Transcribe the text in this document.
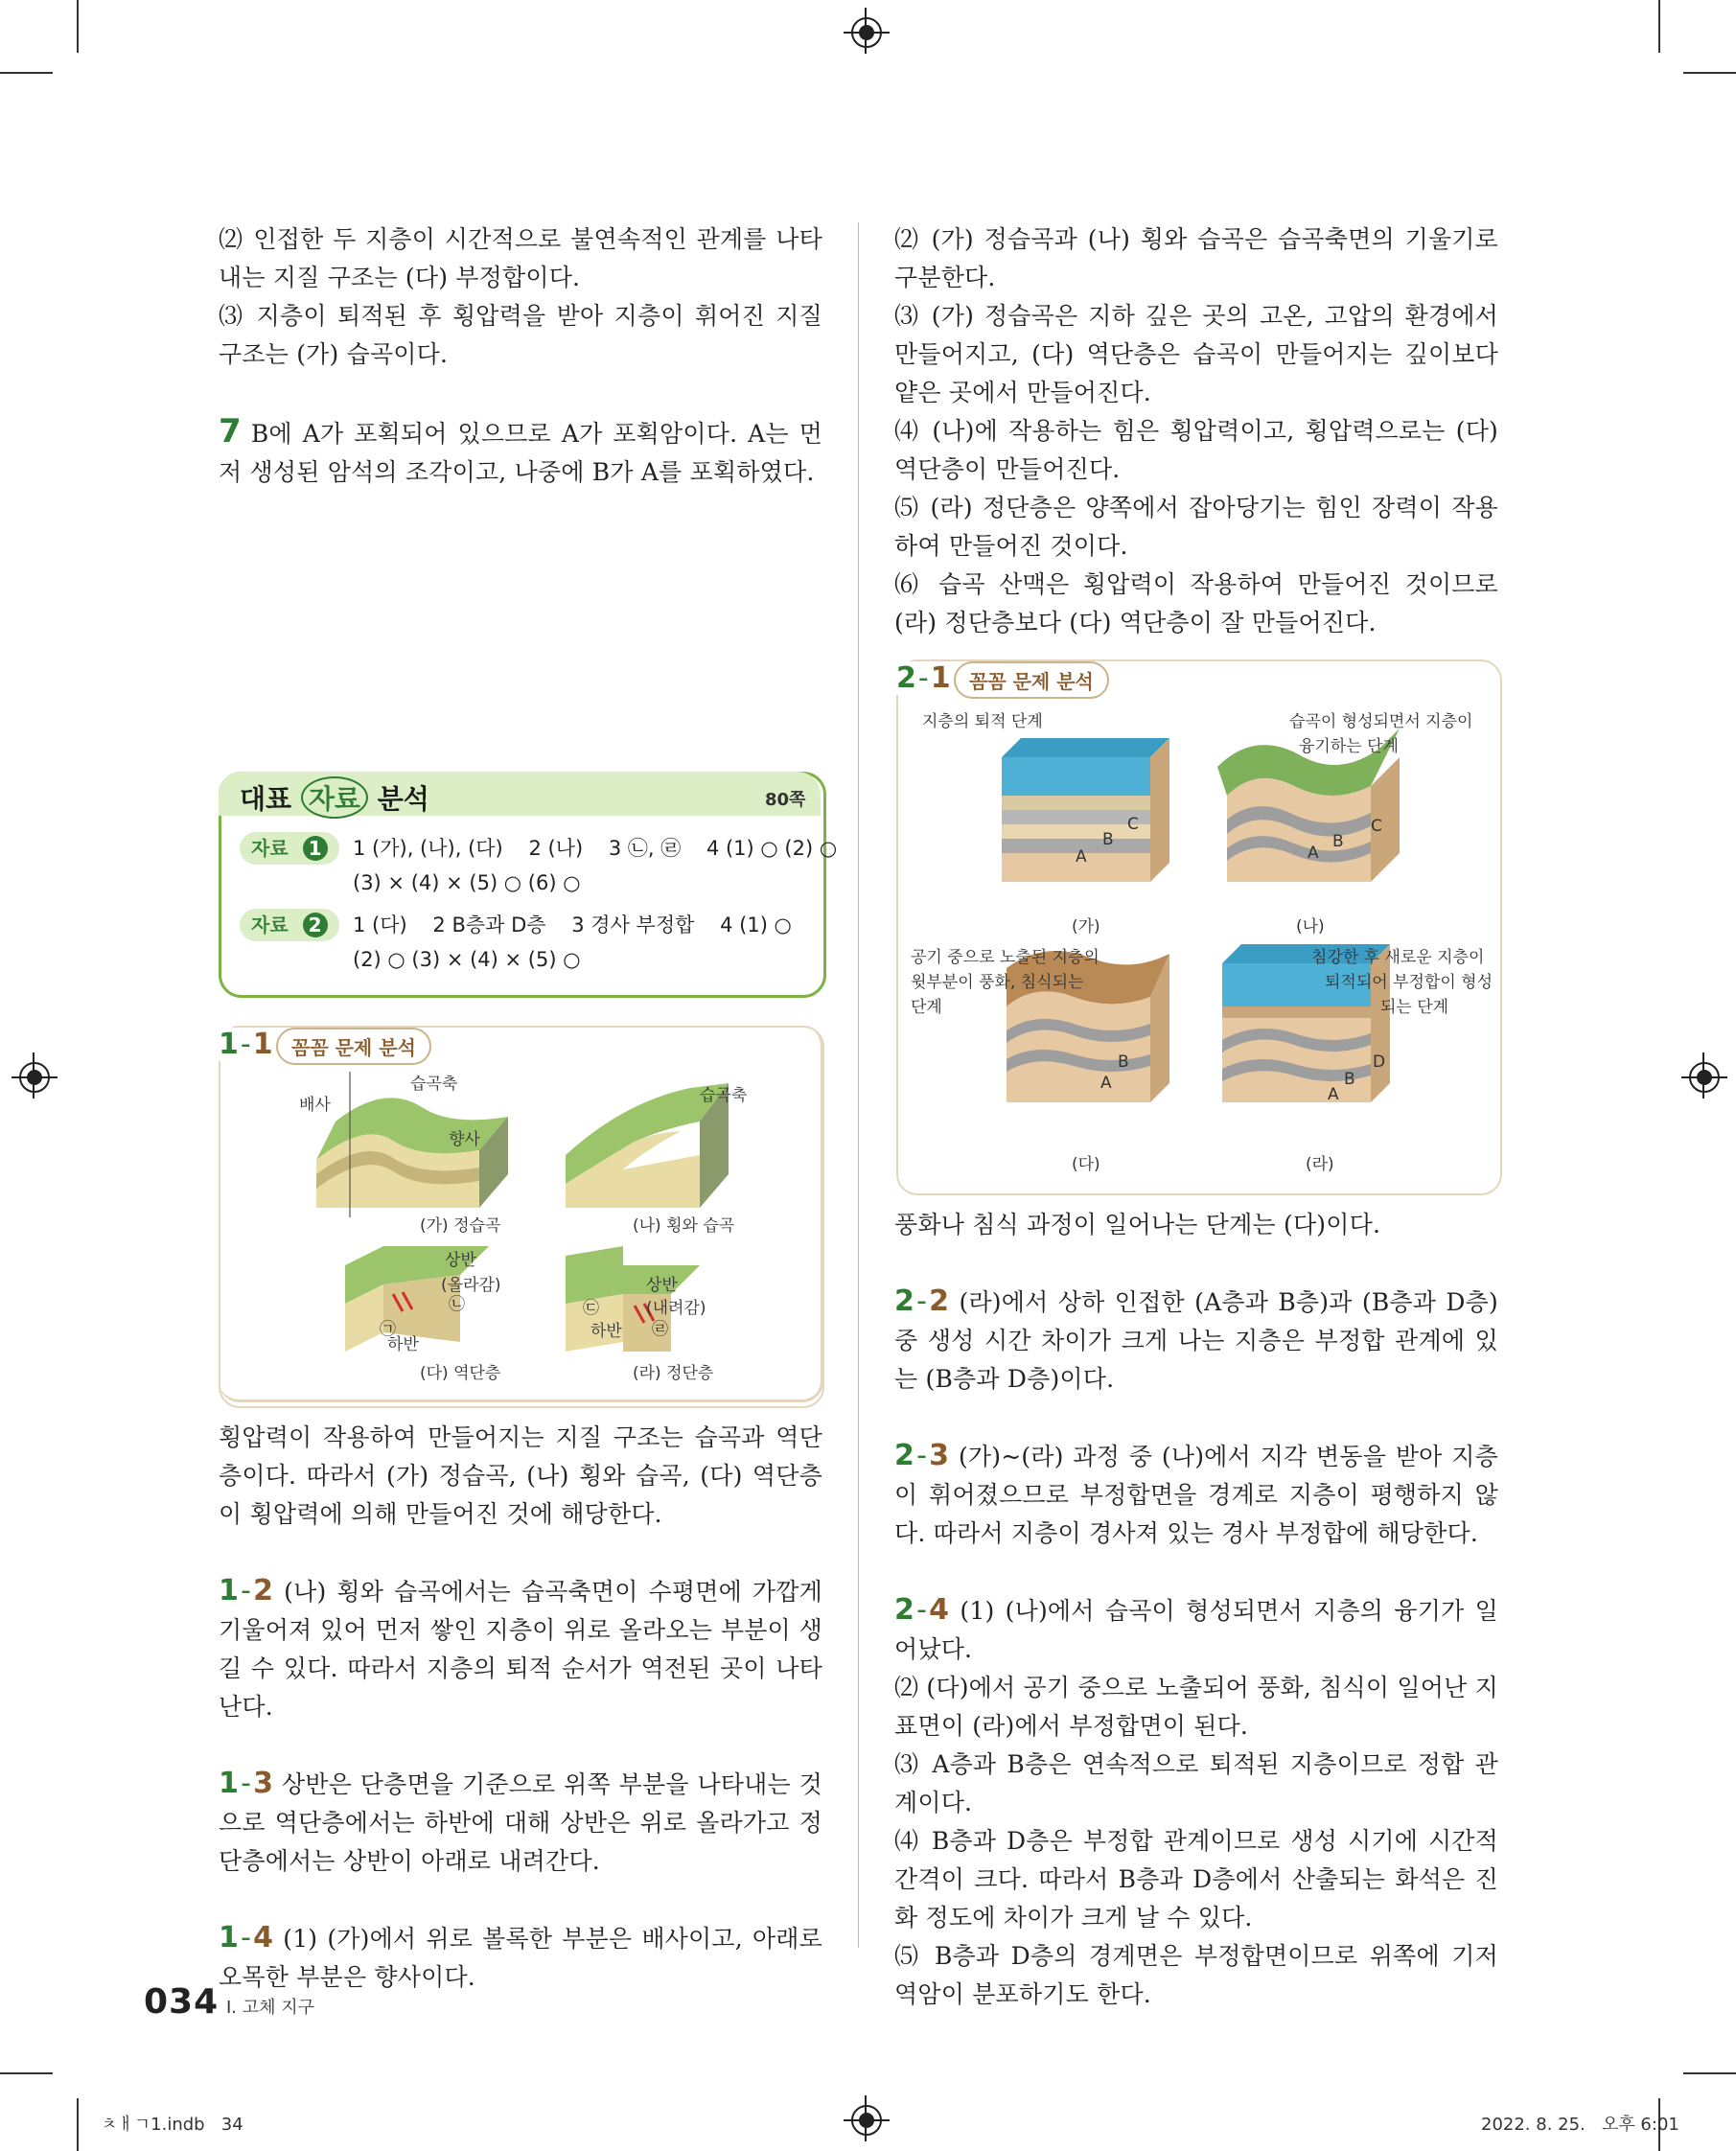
⑵ 인접한 두 지층이 시간적으로 불연속적인 관계를 나타내는 지질 구조는 (다) 부정합이다.

⑶ 지층이 퇴적된 후 횡압력을 받아 지층이 휘어진 지질 구조는 (가) 습곡이다.

7 B에 A가 포획되어 있으므로 A가 포획암이다. A는 먼저 생성된 암석의 조각이고, 나중에 B가 A를 포획하였다.

대표 자료 분석	80쪽
자료 1	1 (가), (나), (다)    2 (나)    3 ㉡, ㉣    4 (1) ○ (2) ○
(3) × (4) × (5) ○ (6) ○
자료 2	1 (다)    2 B층과 D층    3 경사 부정합    4 (1) ○
(2) ○ (3) × (4) × (5) ○
1-1 꼼꼼 문제 분석
배사
습곡축
습곡축
향사
(가) 정습곡	(나) 횡와 습곡
상반
(올라감)
㉡
㉠
하반
상반
(내려감)
㉢
㉣
하반
(다) 역단층	(라) 정단층

횡압력이 작용하여 만들어지는 지질 구조는 습곡과 역단층이다. 따라서 (가) 정습곡, (나) 횡와 습곡, (다) 역단층이 횡압력에 의해 만들어진 것에 해당한다.

1-2 (나) 횡와 습곡에서는 습곡축면이 수평면에 가깝게 기울어져 있어 먼저 쌓인 지층이 위로 올라오는 부분이 생길 수 있다. 따라서 지층의 퇴적 순서가 역전된 곳이 나타난다.

1-3 상반은 단층면을 기준으로 위쪽 부분을 나타내는 것으로 역단층에서는 하반에 대해 상반은 위로 올라가고 정단층에서는 상반이 아래로 내려간다.

1-4 (1) (가)에서 위로 볼록한 부분은 배사이고, 아래로 오목한 부분은 향사이다.

⑵ (가) 정습곡과 (나) 횡와 습곡은 습곡축면의 기울기로 구분한다.

⑶ (가) 정습곡은 지하 깊은 곳의 고온, 고압의 환경에서 만들어지고, (다) 역단층은 습곡이 만들어지는 깊이보다 얕은 곳에서 만들어진다.

⑷ (나)에 작용하는 힘은 횡압력이고, 횡압력으로는 (다) 역단층이 만들어진다.

⑸ (라) 정단층은 양쪽에서 잡아당기는 힘인 장력이 작용하여 만들어진 것이다.

⑹ 습곡 산맥은 횡압력이 작용하여 만들어진 것이므로 (라) 정단층보다 (다) 역단층이 잘 만들어진다.

2-1 꼼꼼 문제 분석
지층의 퇴적 단계	습곡이 형성되면서 지층이
융기하는 단계
A
B
C
A
B
C
(가)	(나)
공기 중으로 노출된 지층의
윗부분이 풍화, 침식되는
단계
침강한 후 새로운 지층이
퇴적되어 부정합이 형성
되는 단계
A
B
A
B
D
(다)	(라)

풍화나 침식 과정이 일어나는 단계는 (다)이다.

2-2 (라)에서 상하 인접한 (A층과 B층)과 (B층과 D층) 중 생성 시간 차이가 크게 나는 지층은 부정합 관계에 있는 (B층과 D층)이다.

2-3 (가)~(라) 과정 중 (나)에서 지각 변동을 받아 지층이 휘어졌으므로 부정합면을 경계로 지층이 평행하지 않다. 따라서 지층이 경사져 있는 경사 부정합에 해당한다.

2-4 (1) (나)에서 습곡이 형성되면서 지층의 융기가 일어났다.

⑵ (다)에서 공기 중으로 노출되어 풍화, 침식이 일어난 지표면이 (라)에서 부정합면이 된다.

⑶ A층과 B층은 연속적으로 퇴적된 지층이므로 정합 관계이다.

⑷ B층과 D층은 부정합 관계이므로 생성 시기에 시간적 간격이 크다. 따라서 B층과 D층에서 산출되는 화석은 진화 정도에 차이가 크게 날 수 있다.

⑸ B층과 D층의 경계면은 부정합면이므로 위쪽에 기저 역암이 분포하기도 한다.

034 I. 고체 지구
ㅊㅐㄱ1.indb   34	2022. 8. 25.   오후 6:01
